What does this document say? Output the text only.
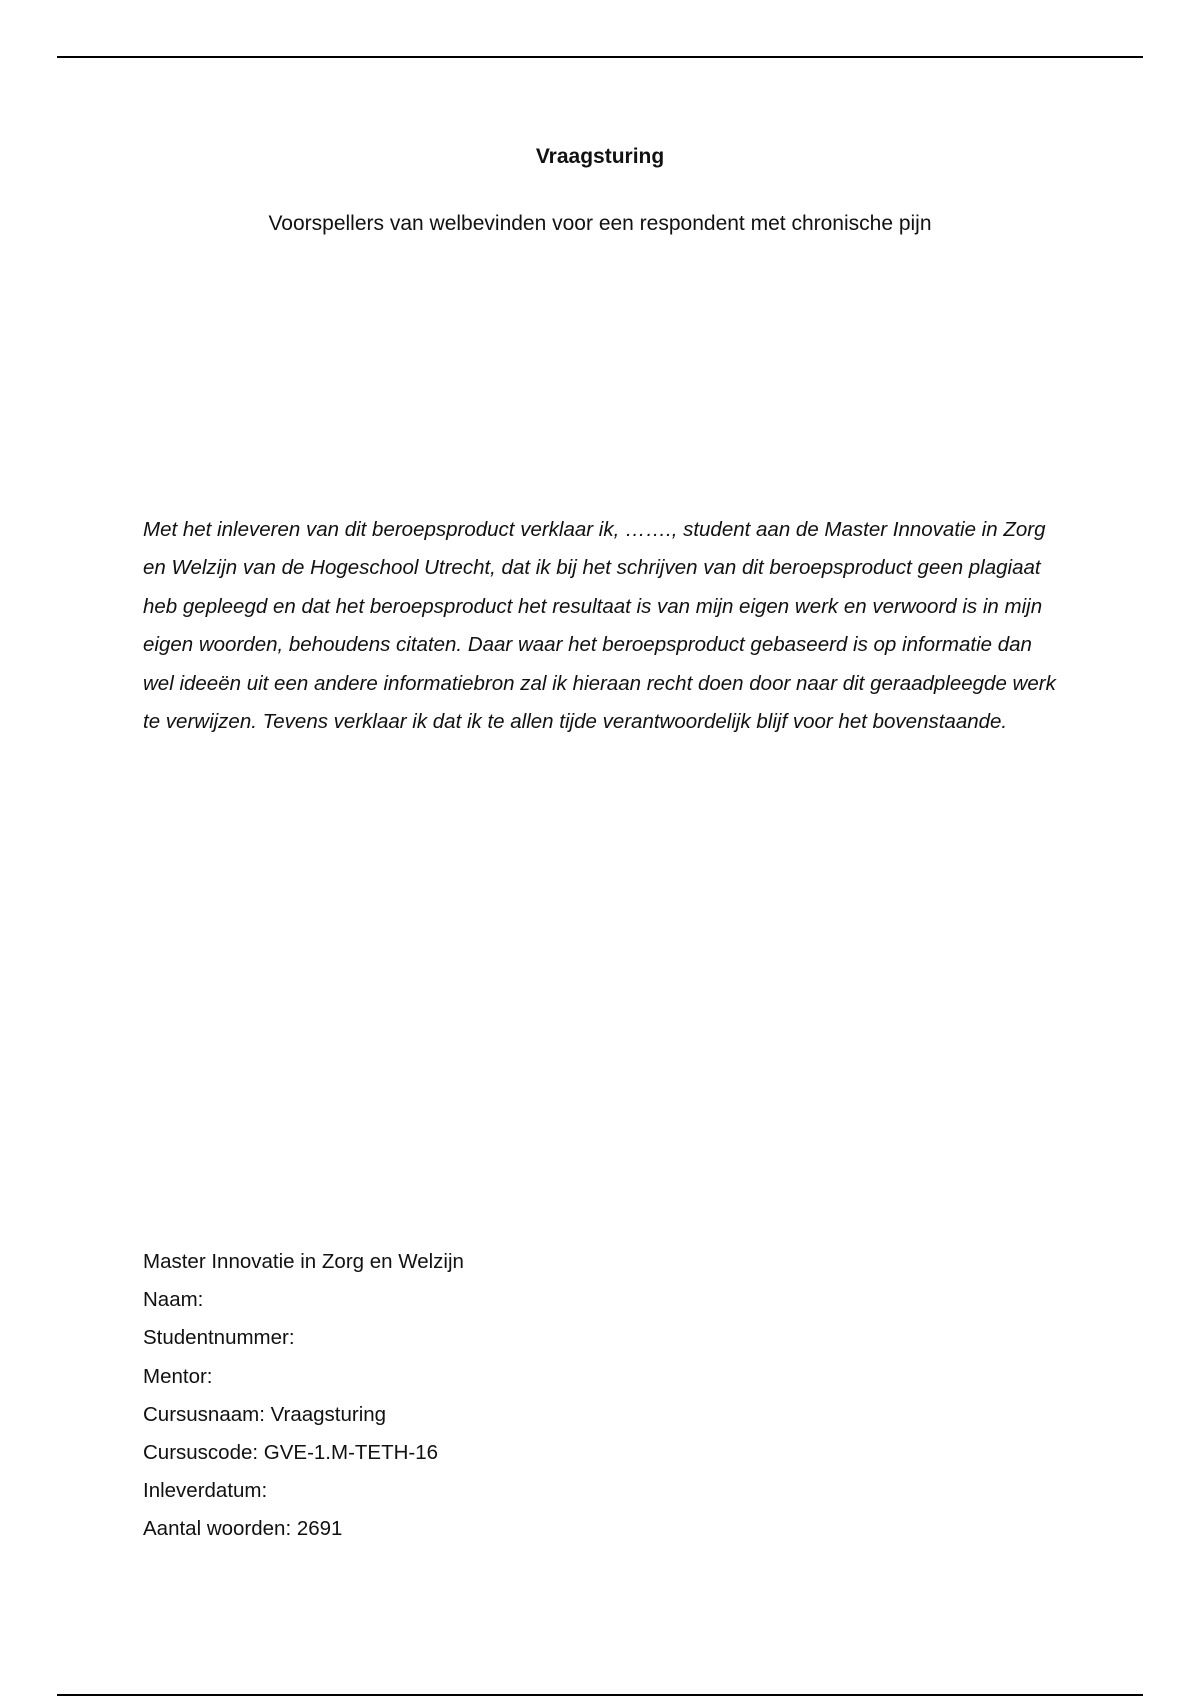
Vraagsturing
Voorspellers van welbevinden voor een respondent met chronische pijn

Met het inleveren van dit beroepsproduct verklaar ik, ……., student aan de Master Innovatie in Zorg en Welzijn van de Hogeschool Utrecht, dat ik bij het schrijven van dit beroepsproduct geen plagiaat heb gepleegd en dat het beroepsproduct het resultaat is van mijn eigen werk en verwoord is in mijn eigen woorden, behoudens citaten. Daar waar het beroepsproduct gebaseerd is op informatie dan wel ideeën uit een andere informatiebron zal ik hieraan recht doen door naar dit geraadpleegde werk te verwijzen. Tevens verklaar ik dat ik te allen tijde verantwoordelijk blijf voor het bovenstaande.

Master Innovatie in Zorg en Welzijn
Naam:
Studentnummer:
Mentor:
Cursusnaam: Vraagsturing
Cursuscode: GVE-1.M-TETH-16
Inleverdatum:
Aantal woorden: 2691
